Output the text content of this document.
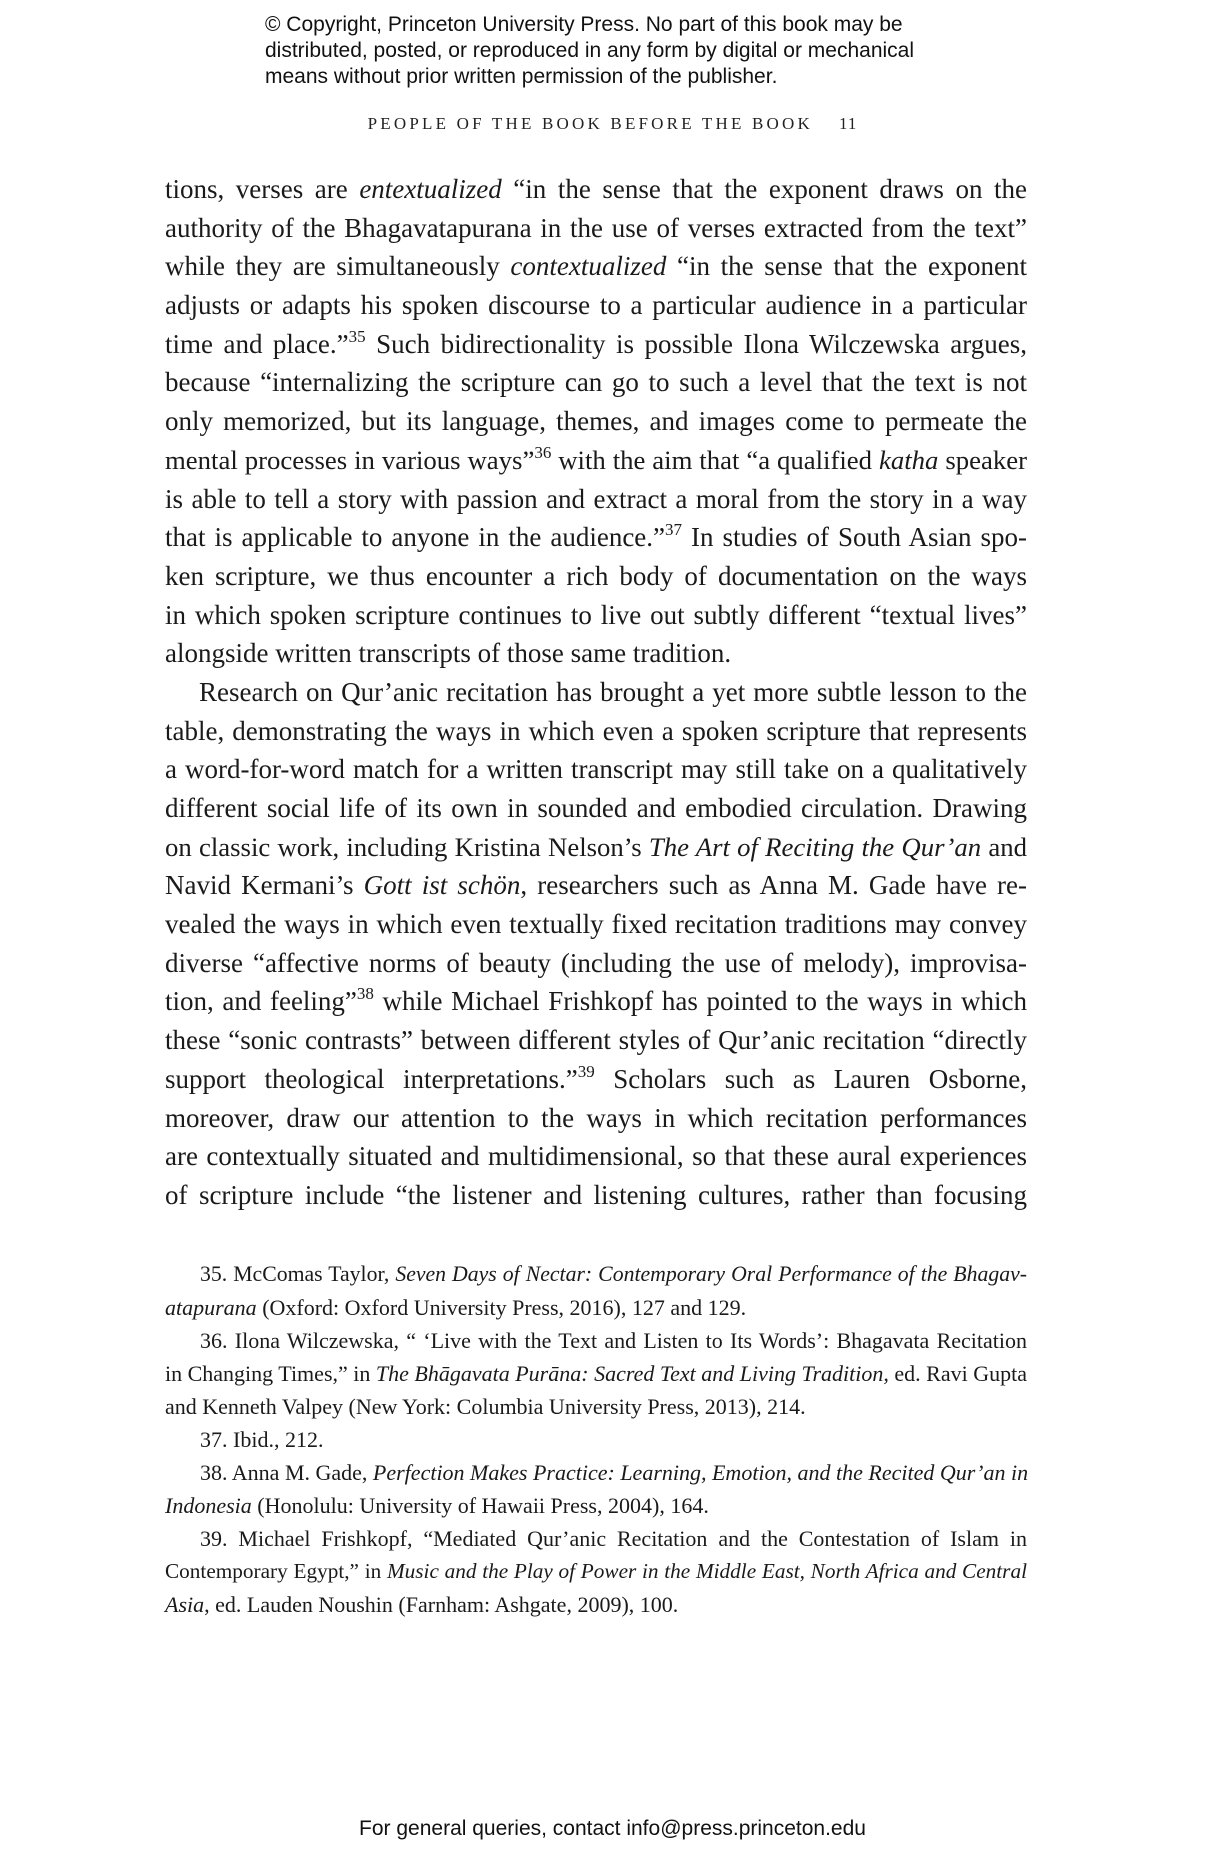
© Copyright, Princeton University Press. No part of this book may be
distributed, posted, or reproduced in any form by digital or mechanical
means without prior written permission of the publisher.
PEOPLE OF THE BOOK BEFORE THE BOOK 11
tions, verses are entextualized “in the sense that the exponent draws on the
authority of the Bhagavatapurana in the use of verses extracted from the text”
while they are simultaneously contextualized “in the sense that the exponent
adjusts or adapts his spoken discourse to a particular audience in a particular
time and place.”$^{35}$ Such bidirectionality is possible Ilona Wilczewska argues,
because “internalizing the scripture can go to such a level that the text is not
only memorized, but its language, themes, and images come to permeate the
mental processes in various ways”$^{36}$ with the aim that “a qualified katha speaker
is able to tell a story with passion and extract a moral from the story in a way
that is applicable to anyone in the audience.”$^{37}$ In studies of South Asian spo-
ken scripture, we thus encounter a rich body of documentation on the ways
in which spoken scripture continues to live out subtly different “textual lives”
alongside written transcripts of those same tradition.
Research on Qur’anic recitation has brought a yet more subtle lesson to the
table, demonstrating the ways in which even a spoken scripture that represents
a word-for-word match for a written transcript may still take on a qualitatively
different social life of its own in sounded and embodied circulation. Drawing
on classic work, including Kristina Nelson’s The Art of Reciting the Qur’an and
Navid Kermani’s Gott ist schön, researchers such as Anna M. Gade have re-
vealed the ways in which even textually fixed recitation traditions may convey
diverse “affective norms of beauty (including the use of melody), improvisa-
tion, and feeling”$^{38}$ while Michael Frishkopf has pointed to the ways in which
these “sonic contrasts” between different styles of Qur’anic recitation “directly
support theological interpretations.”$^{39}$ Scholars such as Lauren Osborne,
moreover, draw our attention to the ways in which recitation performances
are contextually situated and multidimensional, so that these aural experiences
of scripture include “the listener and listening cultures, rather than focusing
35. McComas Taylor, Seven Days of Nectar: Contemporary Oral Performance of the Bhagav-
atapurana (Oxford: Oxford University Press, 2016), 127 and 129.
36. Ilona Wilczewska, “ ‘Live with the Text and Listen to Its Words’: Bhagavata Recitation
in Changing Times,” in The Bhāgavata Purāna: Sacred Text and Living Tradition, ed. Ravi Gupta
and Kenneth Valpey (New York: Columbia University Press, 2013), 214.
37. Ibid., 212.
38. Anna M. Gade, Perfection Makes Practice: Learning, Emotion, and the Recited Qur’an in
Indonesia (Honolulu: University of Hawaii Press, 2004), 164.
39. Michael Frishkopf, “Mediated Qur’anic Recitation and the Contestation of Islam in
Contemporary Egypt,” in Music and the Play of Power in the Middle East, North Africa and Central
Asia, ed. Lauden Noushin (Farnham: Ashgate, 2009), 100.
For general queries, contact info@press.princeton.edu
